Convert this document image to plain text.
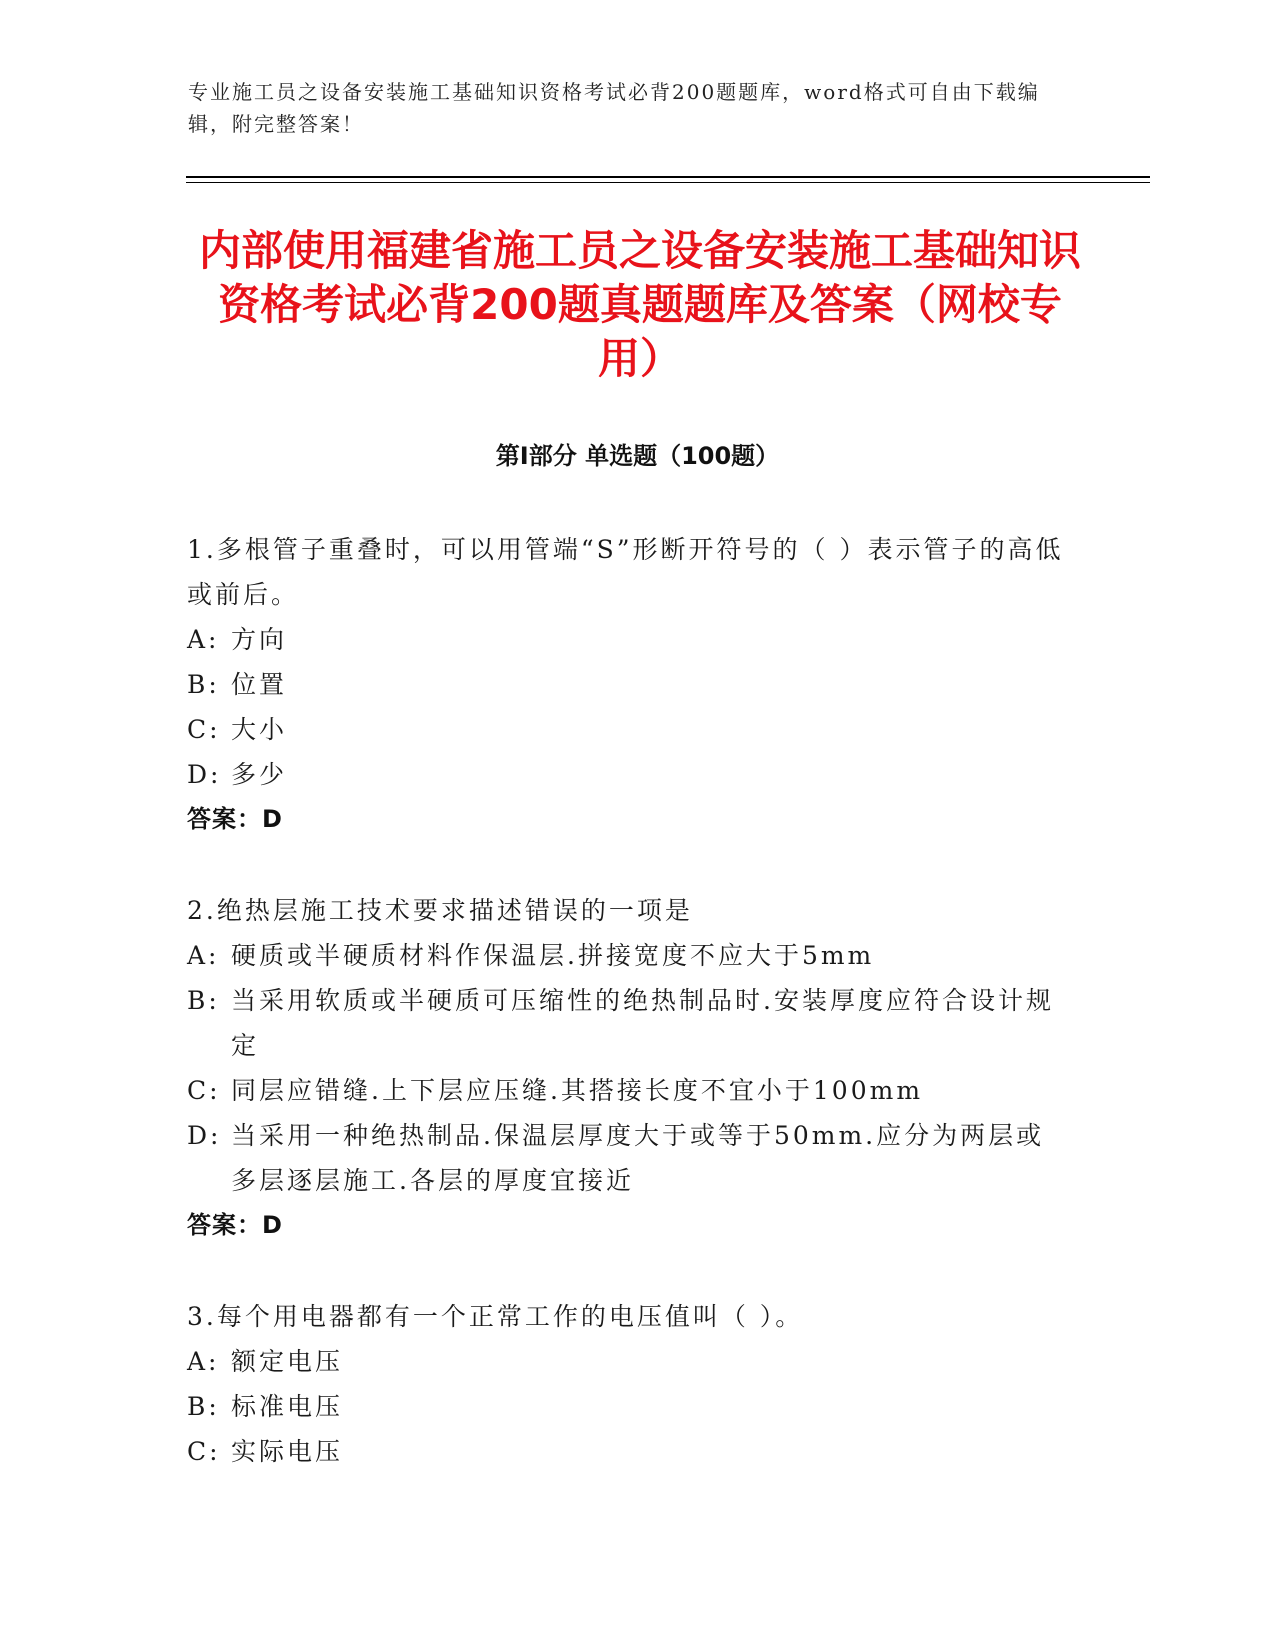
专业施工员之设备安装施工基础知识资格考试必背200题题库，word格式可自由下载编辑，附完整答案！
内部使用福建省施工员之设备安装施工基础知识资格考试必背200题真题题库及答案（网校专用）
第Ⅰ部分 单选题（100题）
1.多根管子重叠时，可以用管端“S”形断开符号的（ ）表示管子的高低或前后。
A: 方向
B: 位置
C: 大小
D: 多少
答案：D
2.绝热层施工技术要求描述错误的一项是
A: 硬质或半硬质材料作保温层.拼接宽度不应大于5mm
B: 当采用软质或半硬质可压缩性的绝热制品时.安装厚度应符合设计规定
C: 同层应错缝.上下层应压缝.其搭接长度不宜小于100mm
D: 当采用一种绝热制品.保温层厚度大于或等于50mm.应分为两层或多层逐层施工.各层的厚度宜接近
答案：D
3.每个用电器都有一个正常工作的电压值叫（ ）。
A: 额定电压
B: 标准电压
C: 实际电压
